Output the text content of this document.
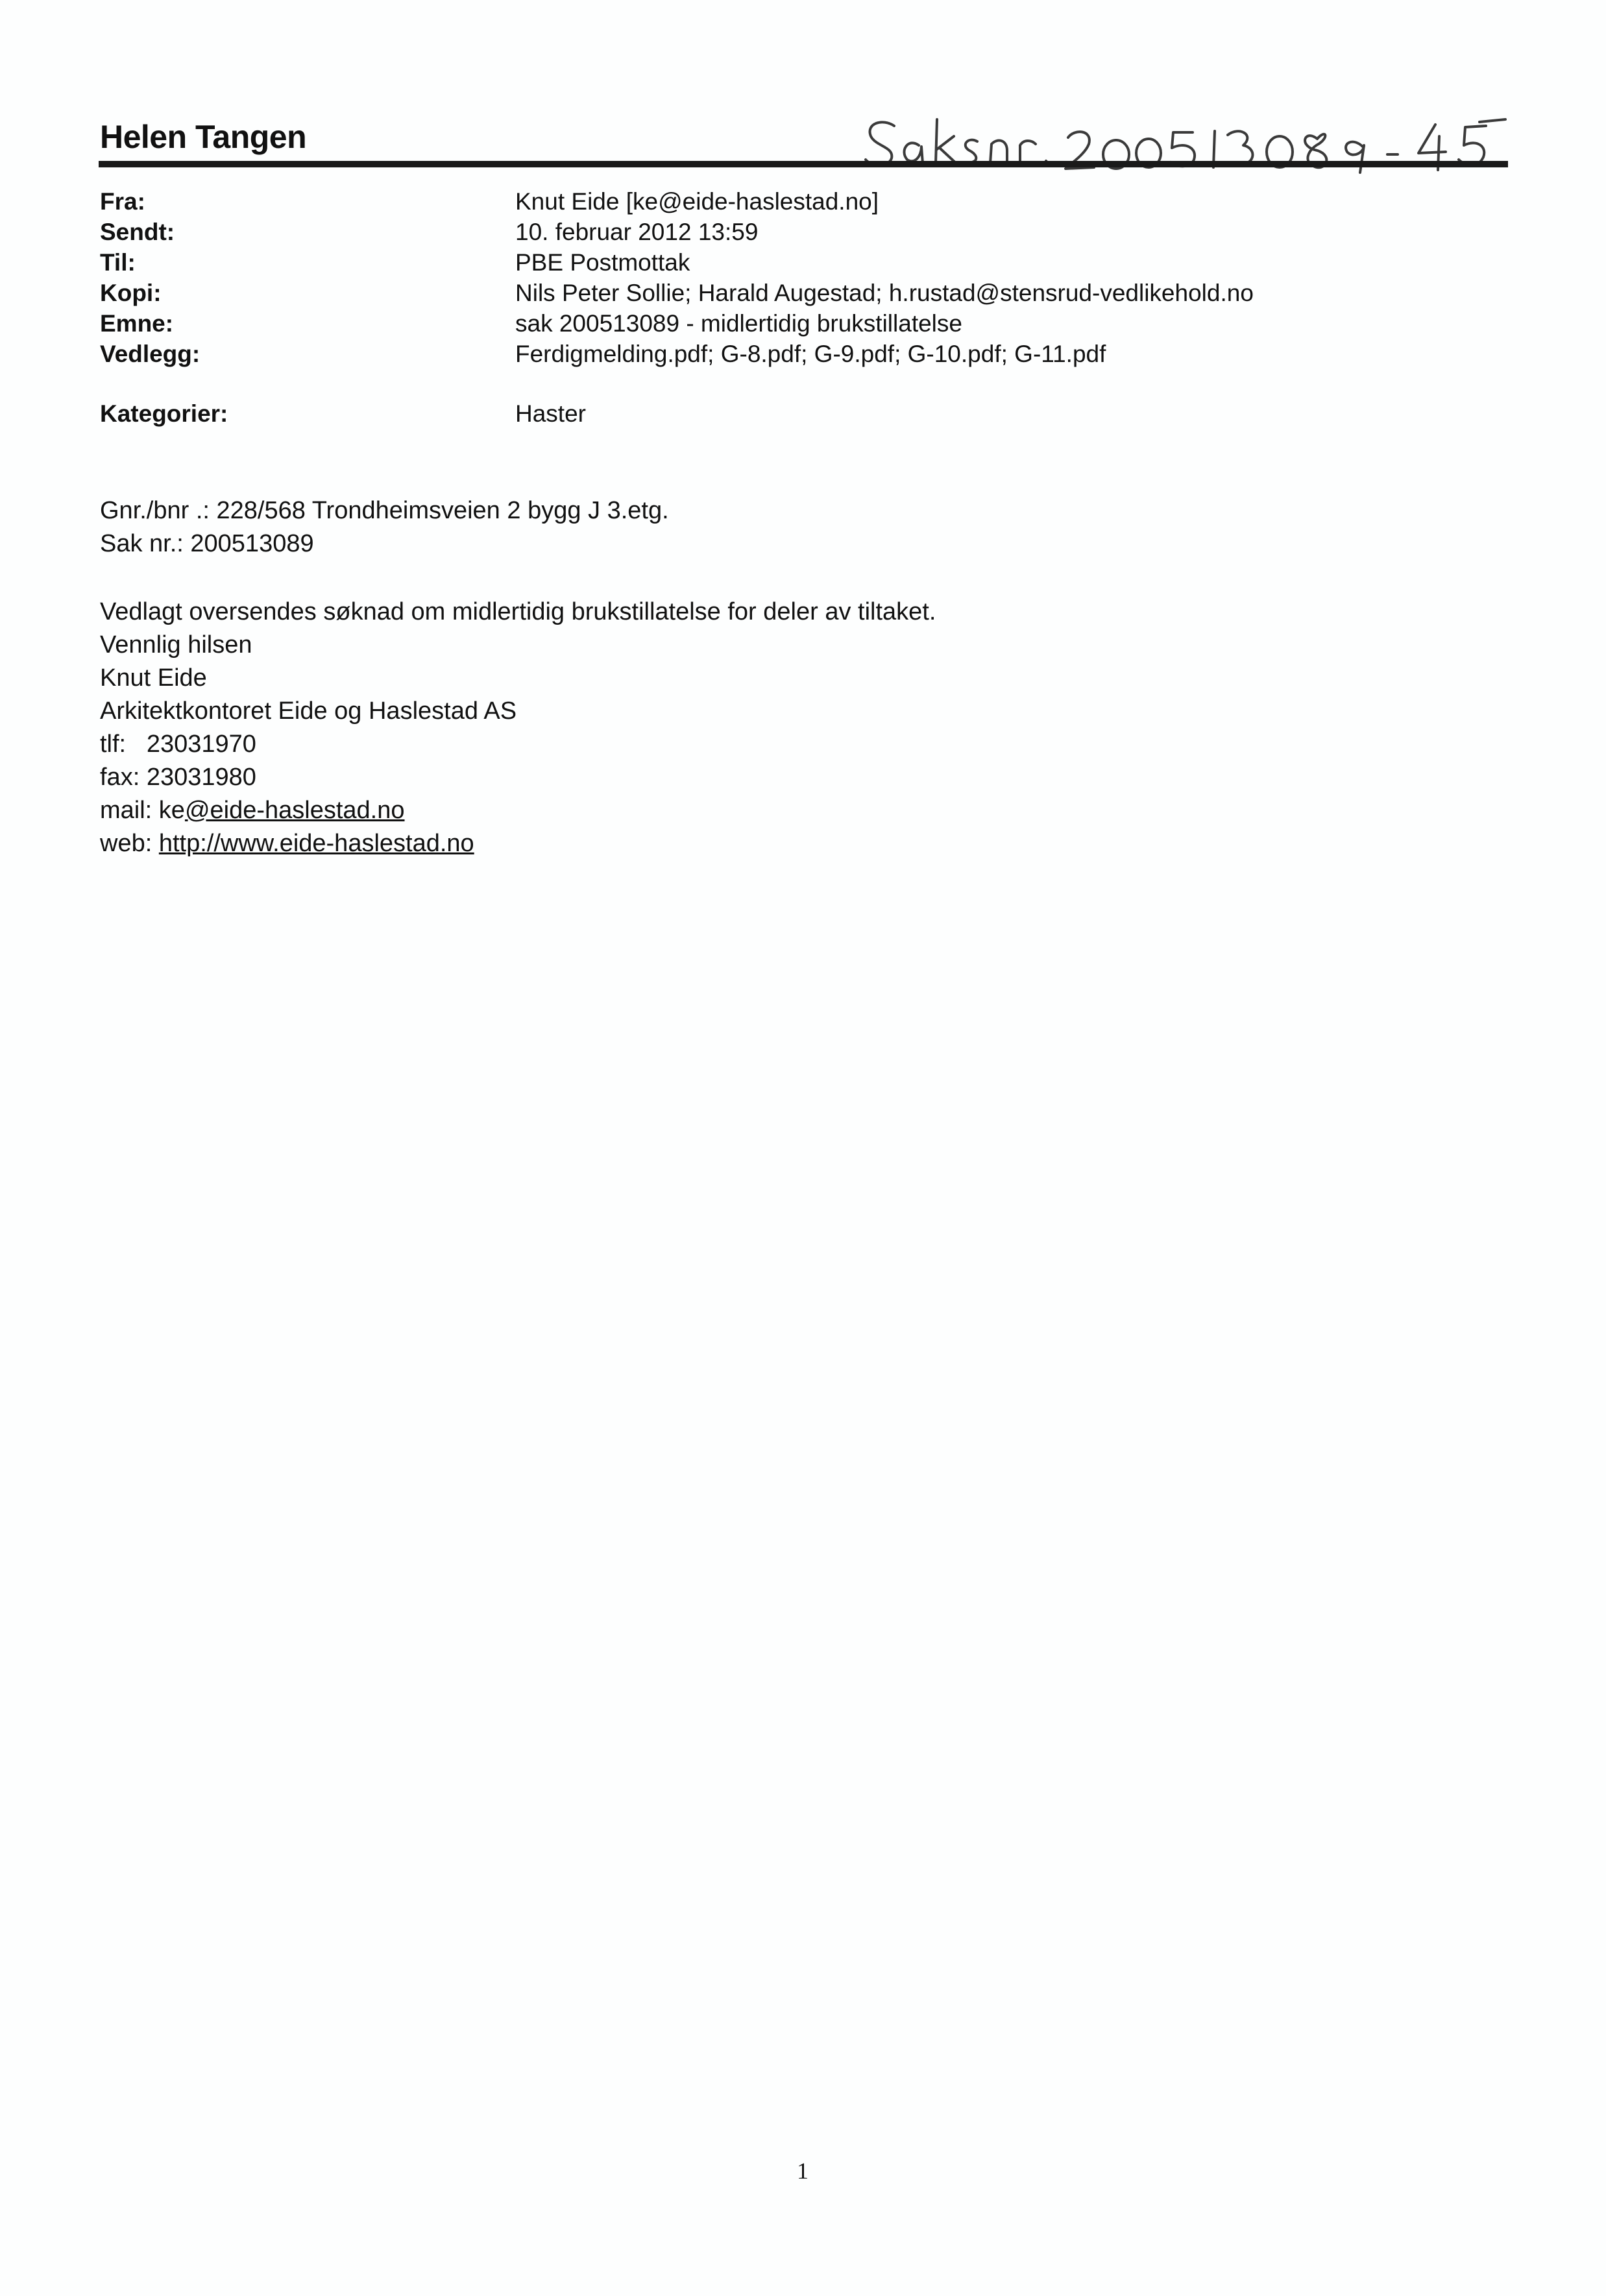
Helen Tangen
Fra:	Knut Eide [ke@eide-haslestad.no]
Sendt:	10. februar 2012 13:59
Til:	PBE Postmottak
Kopi:	Nils Peter Sollie; Harald Augestad; h.rustad@stensrud-vedlikehold.no
Emne:	sak 200513089 - midlertidig brukstillatelse
Vedlegg:	Ferdigmelding.pdf; G-8.pdf; G-9.pdf; G-10.pdf; G-11.pdf
Kategorier:	Haster
Gnr./bnr .: 228/568 Trondheimsveien 2 bygg J 3.etg.
Sak nr.: 200513089
Vedlagt oversendes søknad om midlertidig brukstillatelse for deler av tiltaket.
Vennlig hilsen
Knut Eide
Arkitektkontoret Eide og Haslestad AS
tlf: 23031970
fax: 23031980
mail: ke@eide-haslestad.no
web: http://www.eide-haslestad.no
1
